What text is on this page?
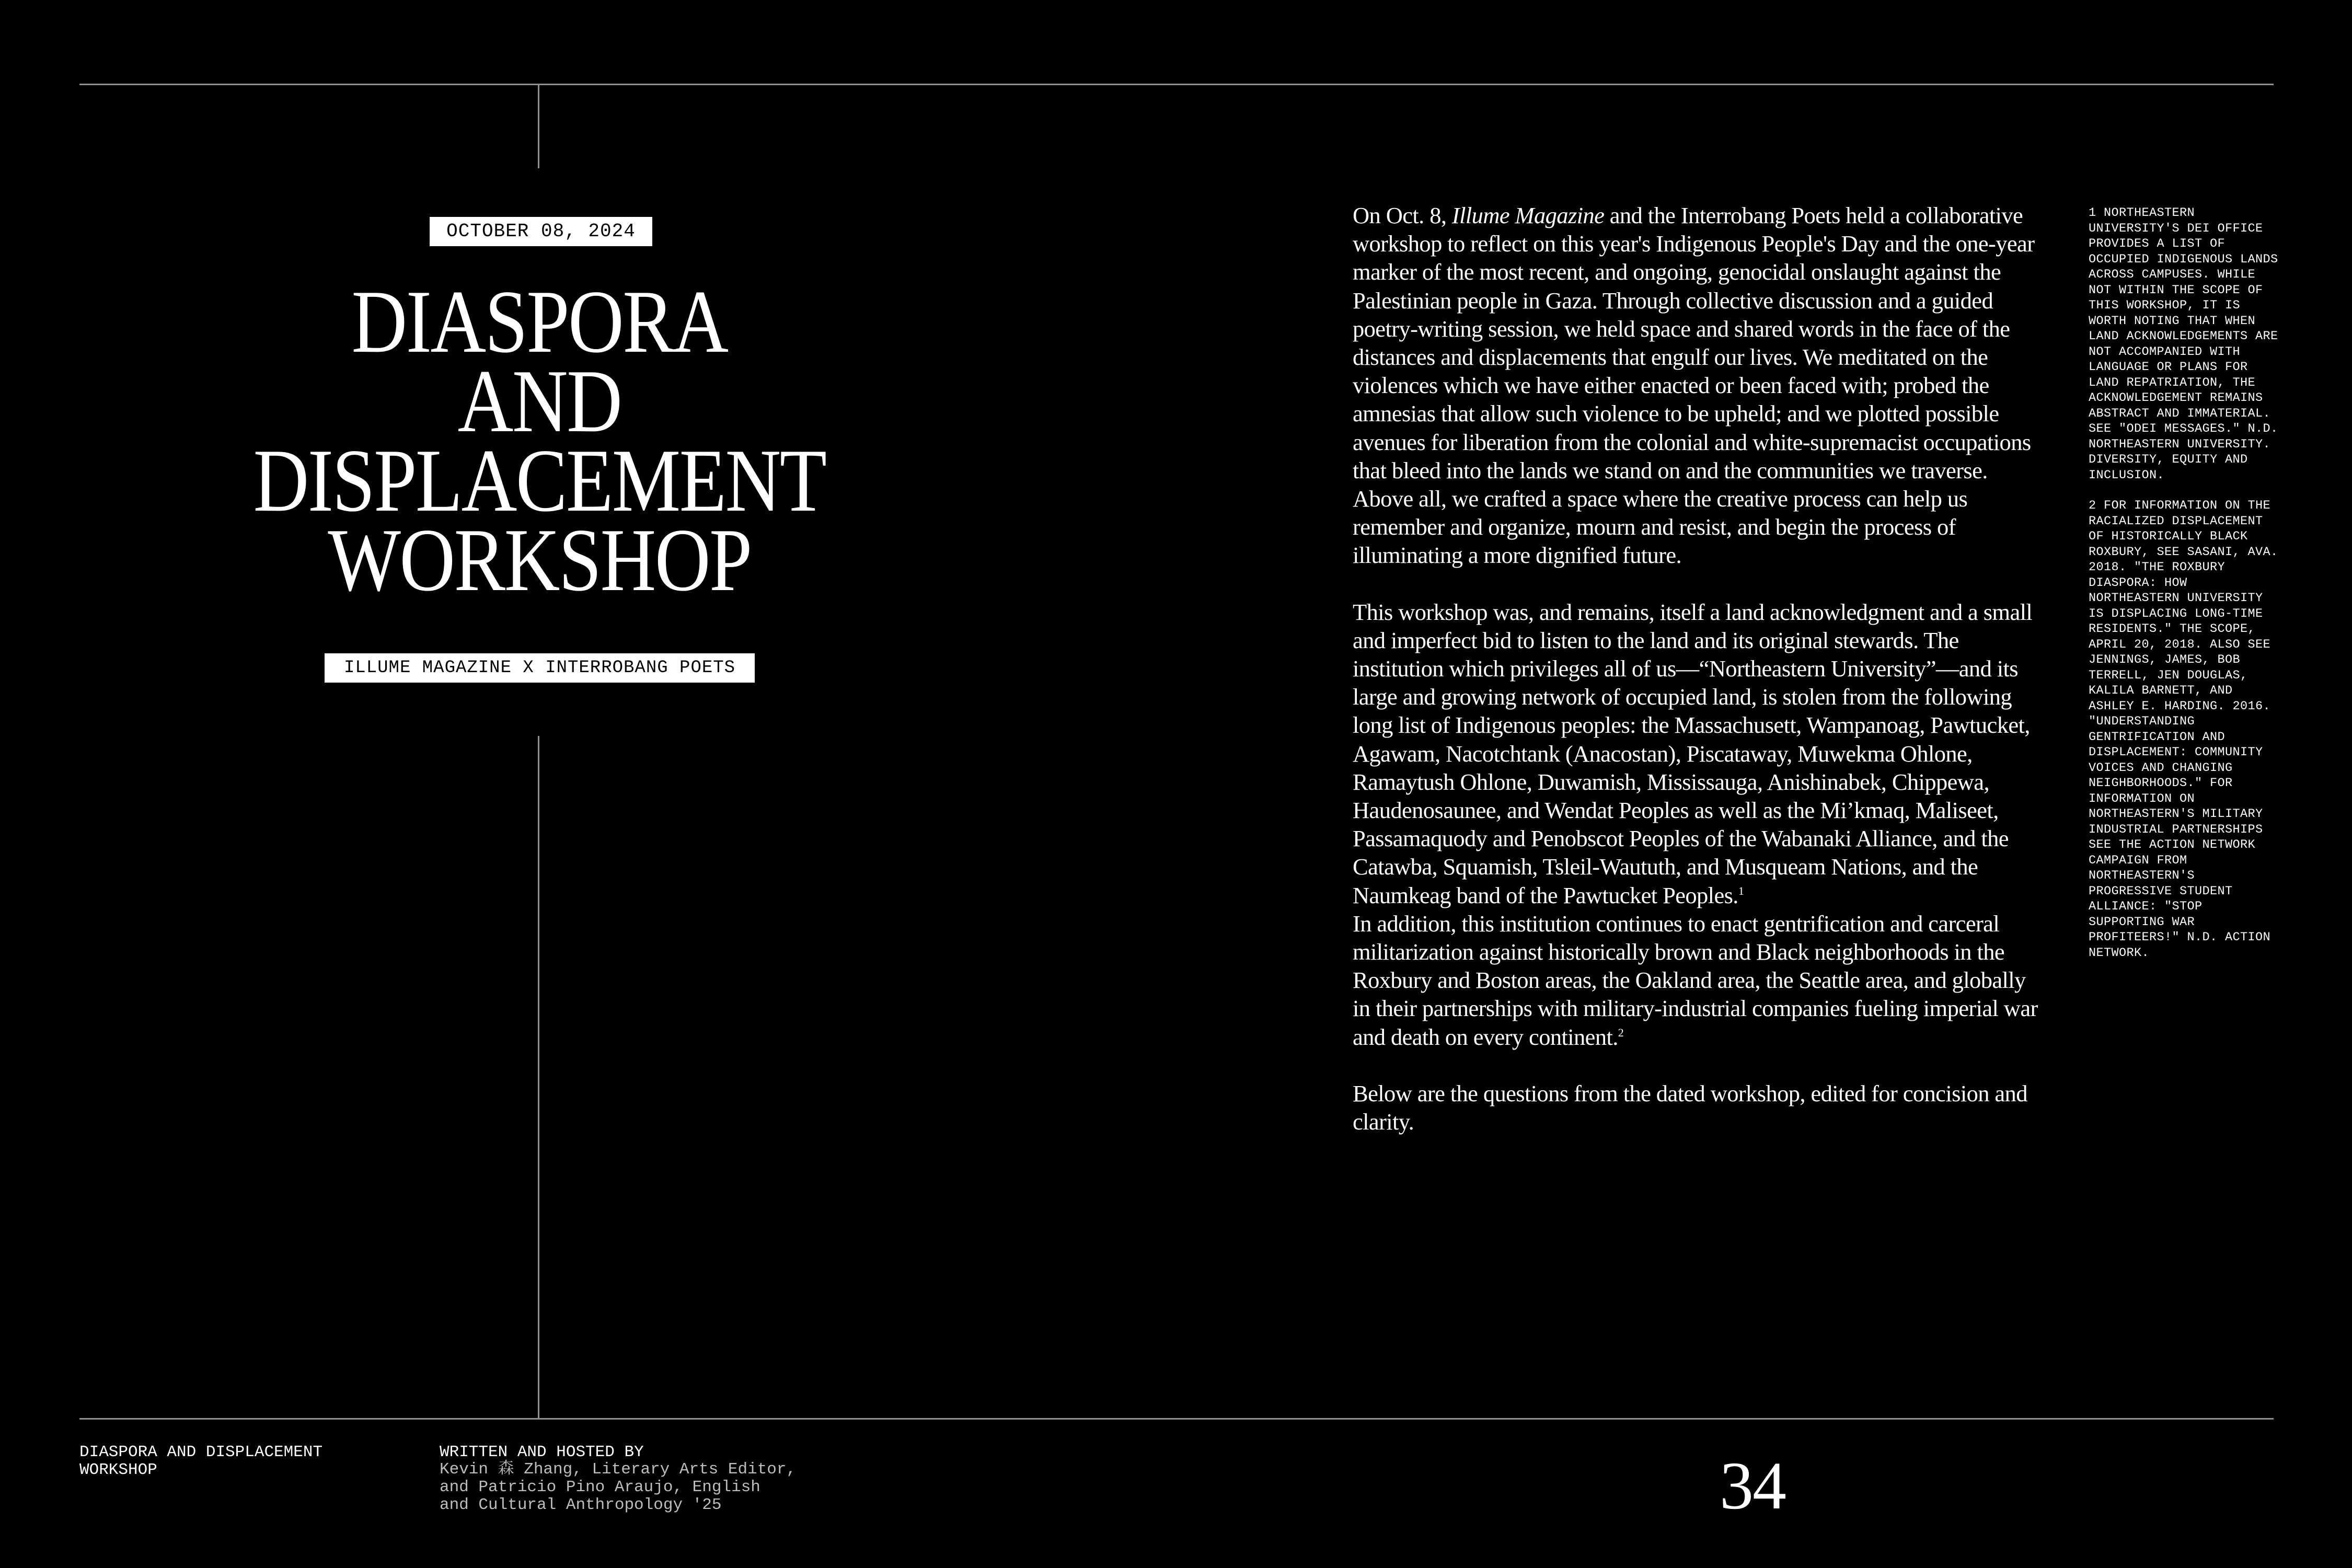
OCTOBER 08, 2024
DIASPORA
AND
DISPLACEMENT
WORKSHOP
ILLUME MAGAZINE X INTERROBANG POETS

On Oct. 8, Illume Magazine and the Interrobang Poets held a collaborative workshop to reflect on this year's Indigenous People's Day and the one-year marker of the most recent, and ongoing, genocidal onslaught against the Palestinian people in Gaza. Through collective discussion and a guided poetry-writing session, we held space and shared words in the face of the distances and displacements that engulf our lives. We meditated on the violences which we have either enacted or been faced with; probed the amnesias that allow such violence to be upheld; and we plotted possible avenues for liberation from the colonial and white-supremacist occupations that bleed into the lands we stand on and the communities we traverse. Above all, we crafted a space where the creative process can help us remember and organize, mourn and resist, and begin the process of illuminating a more dignified future.

This workshop was, and remains, itself a land acknowledgment and a small and imperfect bid to listen to the land and its original stewards. The institution which privileges all of us—“Northeastern University”—and its large and growing network of occupied land, is stolen from the following long list of Indigenous peoples: the Massachusett, Wampanoag, Pawtucket, Agawam, Nacotchtank (Anacostan), Piscataway, Muwekma Ohlone, Ramaytush Ohlone, Duwamish, Mississauga, Anishinabek, Chippewa, Haudenosaunee, and Wendat Peoples as well as the Mi’kmaq, Maliseet, Passamaquody and Penobscot Peoples of the Wabanaki Alliance, and the Catawba, Squamish, Tsleil-Waututh, and Musqueam Nations, and the Naumkeag band of the Pawtucket Peoples.$^1$
In addition, this institution continues to enact gentrification and carceral militarization against historically brown and Black neighborhoods in the Roxbury and Boston areas, the Oakland area, the Seattle area, and globally in their partnerships with military-industrial companies fueling imperial war and death on every continent.$^2$

Below are the questions from the dated workshop, edited for concision and clarity.

1 NORTHEASTERN UNIVERSITY'S DEI OFFICE PROVIDES A LIST OF OCCUPIED INDIGENOUS LANDS ACROSS CAMPUSES. WHILE NOT WITHIN THE SCOPE OF THIS WORKSHOP, IT IS WORTH NOTING THAT WHEN LAND ACKNOWLEDGEMENTS ARE NOT ACCOMPANIED WITH LANGUAGE OR PLANS FOR LAND REPATRIATION, THE ACKNOWLEDGEMENT REMAINS ABSTRACT AND IMMATERIAL. SEE "ODEI MESSAGES." N.D. NORTHEASTERN UNIVERSITY. DIVERSITY, EQUITY AND INCLUSION.
2 FOR INFORMATION ON THE RACIALIZED DISPLACEMENT OF HISTORICALLY BLACK ROXBURY, SEE SASANI, AVA. 2018. "THE ROXBURY DIASPORA: HOW NORTHEASTERN UNIVERSITY IS DISPLACING LONG-TIME RESIDENTS." THE SCOPE, APRIL 20, 2018. ALSO SEE JENNINGS, JAMES, BOB TERRELL, JEN DOUGLAS, KALILA BARNETT, AND ASHLEY E. HARDING. 2016. "UNDERSTANDING GENTRIFICATION AND DISPLACEMENT: COMMUNITY VOICES AND CHANGING NEIGHBORHOODS." FOR INFORMATION ON NORTHEASTERN'S MILITARY INDUSTRIAL PARTNERSHIPS SEE THE ACTION NETWORK CAMPAIGN FROM NORTHEASTERN'S PROGRESSIVE STUDENT ALLIANCE: "STOP SUPPORTING WAR PROFITEERS!" N.D. ACTION NETWORK.
DIASPORA AND DISPLACEMENT WORKSHOP
WRITTEN AND HOSTED BY
Kevin 森 Zhang, Literary Arts Editor,
and Patricio Pino Araujo, English
and Cultural Anthropology '25	34
